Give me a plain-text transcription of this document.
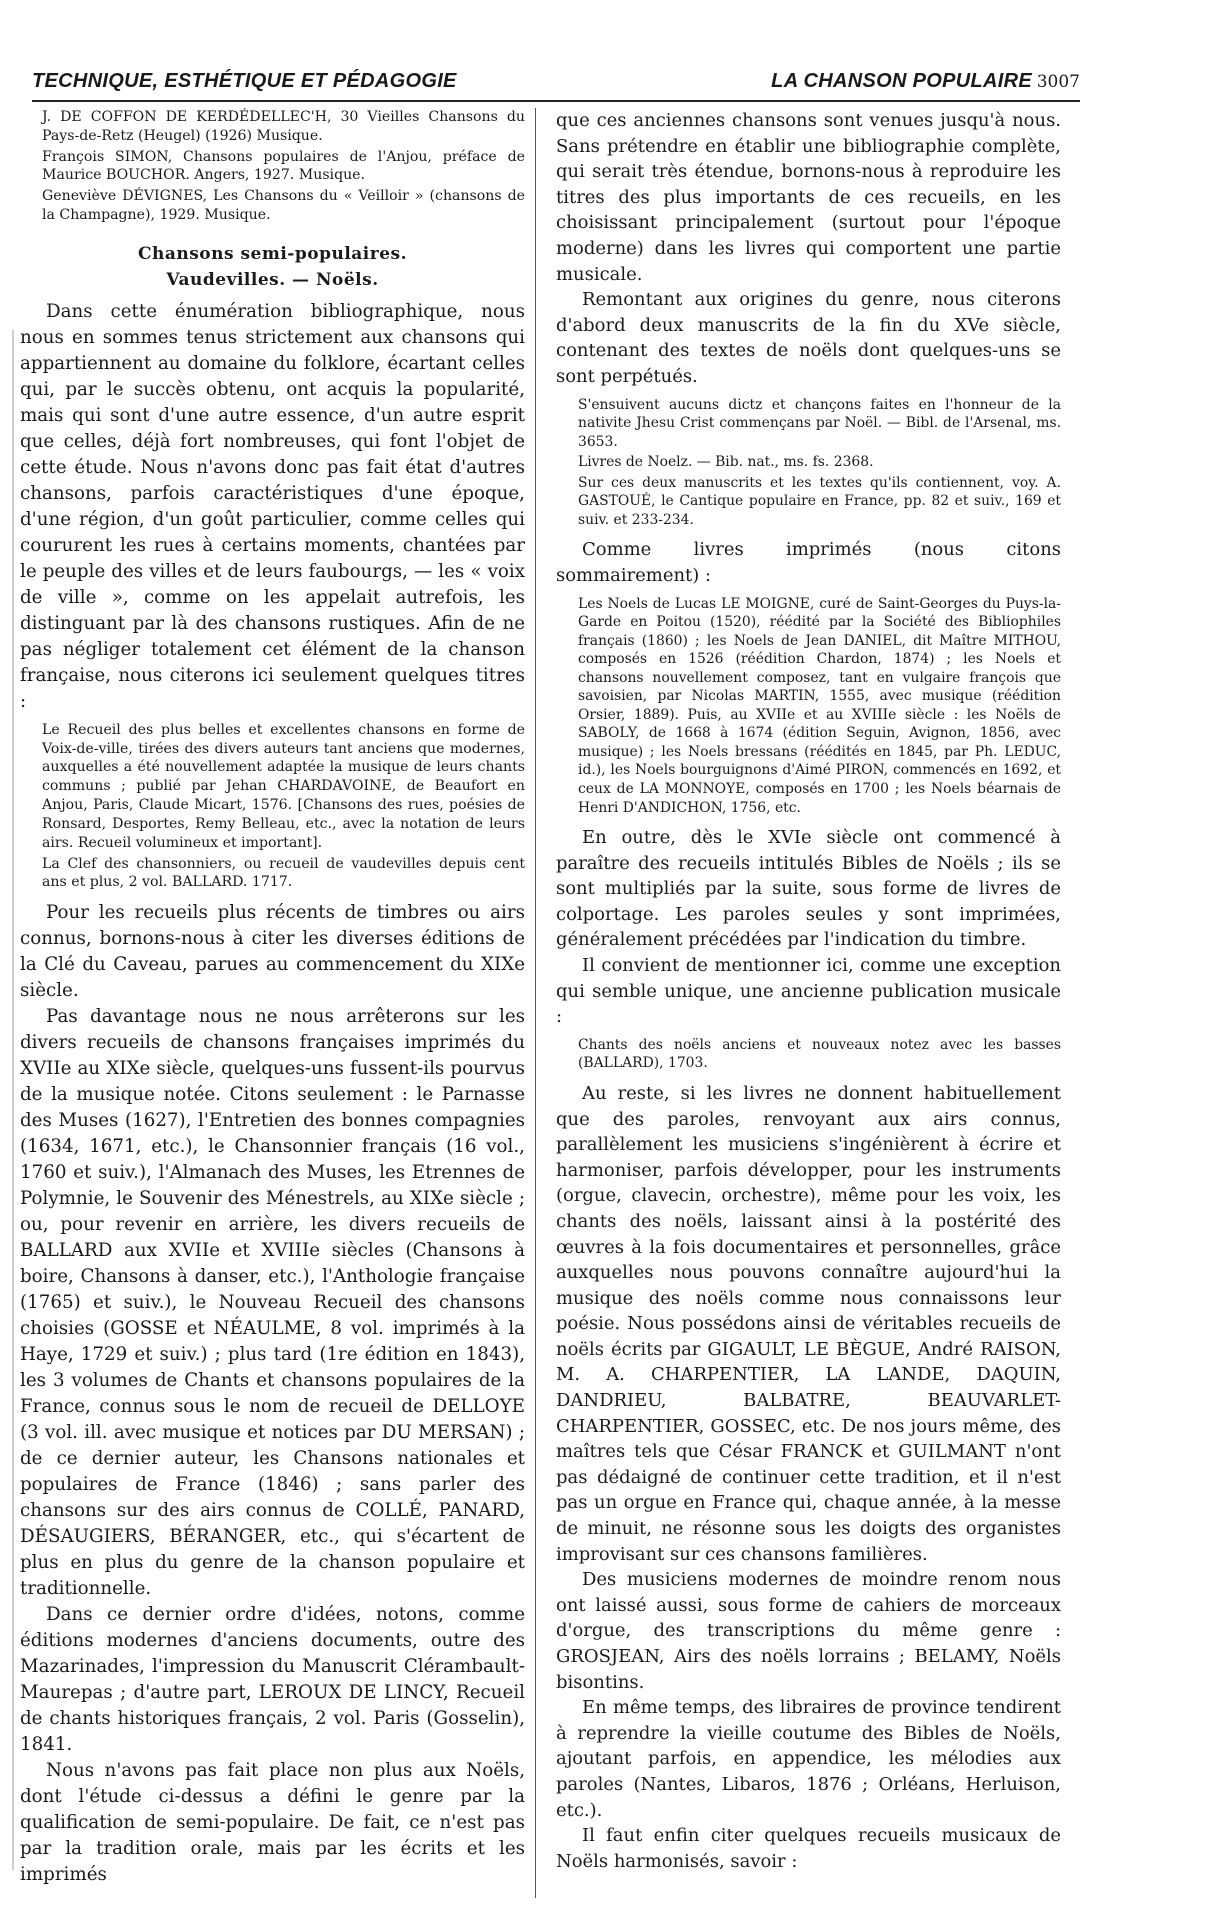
TECHNIQUE, ESTHÉTIQUE ET PÉDAGOGIE	LA CHANSON POPULAIRE 3007

J. DE COFFON DE KERDÉDELLEC'H, 30 Vieilles Chansons du Pays-de-Retz (Heugel) (1926) Musique.

François SIMON, Chansons populaires de l'Anjou, préface de Maurice BOUCHOR. Angers, 1927. Musique.

Geneviève DÉVIGNES, Les Chansons du « Veilloir » (chansons de la Champagne), 1929. Musique.

Chansons semi-populaires.

Vaudevilles. — Noëls.

Dans cette énumération bibliographique, nous nous en sommes tenus strictement aux chansons qui appartiennent au domaine du folklore, écartant celles qui, par le succès obtenu, ont acquis la popularité, mais qui sont d'une autre essence, d'un autre esprit que celles, déjà fort nombreuses, qui font l'objet de cette étude. Nous n'avons donc pas fait état d'autres chansons, parfois caractéristiques d'une époque, d'une région, d'un goût particulier, comme celles qui coururent les rues à certains moments, chantées par le peuple des villes et de leurs faubourgs, — les « voix de ville », comme on les appelait autrefois, les distinguant par là des chansons rustiques. Afin de ne pas négliger totalement cet élément de la chanson française, nous citerons ici seulement quelques titres :

Le Recueil des plus belles et excellentes chansons en forme de Voix-de-ville, tirées des divers auteurs tant anciens que modernes, auxquelles a été nouvellement adaptée la musique de leurs chants communs ; publié par Jehan CHARDAVOINE, de Beaufort en Anjou, Paris, Claude Micart, 1576. [Chansons des rues, poésies de Ronsard, Desportes, Remy Belleau, etc., avec la notation de leurs airs. Recueil volumineux et important].

La Clef des chansonniers, ou recueil de vaudevilles depuis cent ans et plus, 2 vol. BALLARD. 1717.

Pour les recueils plus récents de timbres ou airs connus, bornons-nous à citer les diverses éditions de la Clé du Caveau, parues au commencement du XIXe siècle.

Pas davantage nous ne nous arrêterons sur les divers recueils de chansons françaises imprimés du XVIIe au XIXe siècle, quelques-uns fussent-ils pourvus de la musique notée. Citons seulement : le Parnasse des Muses (1627), l'Entretien des bonnes compagnies (1634, 1671, etc.), le Chansonnier français (16 vol., 1760 et suiv.), l'Almanach des Muses, les Etrennes de Polymnie, le Souvenir des Ménestrels, au XIXe siècle ; ou, pour revenir en arrière, les divers recueils de BALLARD aux XVIIe et XVIIIe siècles (Chansons à boire, Chansons à danser, etc.), l'Anthologie française (1765) et suiv.), le Nouveau Recueil des chansons choisies (GOSSE et NÉAULME, 8 vol. imprimés à la Haye, 1729 et suiv.) ; plus tard (1re édition en 1843), les 3 volumes de Chants et chansons populaires de la France, connus sous le nom de recueil de DELLOYE (3 vol. ill. avec musique et notices par DU MERSAN) ; de ce dernier auteur, les Chansons nationales et populaires de France (1846) ; sans parler des chansons sur des airs connus de COLLÉ, PANARD, DÉSAUGIERS, BÉRANGER, etc., qui s'écartent de plus en plus du genre de la chanson populaire et traditionnelle.

Dans ce dernier ordre d'idées, notons, comme éditions modernes d'anciens documents, outre des Mazarinades, l'impression du Manuscrit Clérambault-Maurepas ; d'autre part, LEROUX DE LINCY, Recueil de chants historiques français, 2 vol. Paris (Gosselin), 1841.

Nous n'avons pas fait place non plus aux Noëls, dont l'étude ci-dessus a défini le genre par la qualification de semi-populaire. De fait, ce n'est pas par la tradition orale, mais par les écrits et les imprimés

que ces anciennes chansons sont venues jusqu'à nous. Sans prétendre en établir une bibliographie complète, qui serait très étendue, bornons-nous à reproduire les titres des plus importants de ces recueils, en les choisissant principalement (surtout pour l'époque moderne) dans les livres qui comportent une partie musicale.

Remontant aux origines du genre, nous citerons d'abord deux manuscrits de la fin du XVe siècle, contenant des textes de noëls dont quelques-uns se sont perpétués.

S'ensuivent aucuns dictz et chançons faites en l'honneur de la nativite Jhesu Crist commençans par Noël. — Bibl. de l'Arsenal, ms. 3653.

Livres de Noelz. — Bib. nat., ms. fs. 2368.

Sur ces deux manuscrits et les textes qu'ils contiennent, voy. A. GASTOUÉ, le Cantique populaire en France, pp. 82 et suiv., 169 et suiv. et 233-234.

Comme livres imprimés (nous citons sommairement) :

Les Noels de Lucas LE MOIGNE, curé de Saint-Georges du Puys-la-Garde en Poitou (1520), réédité par la Société des Bibliophiles français (1860) ; les Noels de Jean DANIEL, dit Maître MITHOU, composés en 1526 (réédition Chardon, 1874) ; les Noels et chansons nouvellement composez, tant en vulgaire françois que savoisien, par Nicolas MARTIN, 1555, avec musique (réédition Orsier, 1889). Puis, au XVIIe et au XVIIIe siècle : les Noëls de SABOLY, de 1668 à 1674 (édition Seguin, Avignon, 1856, avec musique) ; les Noels bressans (réédités en 1845, par Ph. LEDUC, id.), les Noels bourguignons d'Aimé PIRON, commencés en 1692, et ceux de LA MONNOYE, composés en 1700 ; les Noels béarnais de Henri D'ANDICHON, 1756, etc.

En outre, dès le XVIe siècle ont commencé à paraître des recueils intitulés Bibles de Noëls ; ils se sont multipliés par la suite, sous forme de livres de colportage. Les paroles seules y sont imprimées, généralement précédées par l'indication du timbre.

Il convient de mentionner ici, comme une exception qui semble unique, une ancienne publication musicale :

Chants des noëls anciens et nouveaux notez avec les basses (BALLARD), 1703.

Au reste, si les livres ne donnent habituellement que des paroles, renvoyant aux airs connus, parallèlement les musiciens s'ingénièrent à écrire et harmoniser, parfois développer, pour les instruments (orgue, clavecin, orchestre), même pour les voix, les chants des noëls, laissant ainsi à la postérité des œuvres à la fois documentaires et personnelles, grâce auxquelles nous pouvons connaître aujourd'hui la musique des noëls comme nous connaissons leur poésie. Nous possédons ainsi de véritables recueils de noëls écrits par GIGAULT, LE BÈGUE, André RAISON, M. A. CHARPENTIER, LA LANDE, DAQUIN, DANDRIEU, BALBATRE, BEAUVARLET-CHARPENTIER, GOSSEC, etc. De nos jours même, des maîtres tels que César FRANCK et GUILMANT n'ont pas dédaigné de continuer cette tradition, et il n'est pas un orgue en France qui, chaque année, à la messe de minuit, ne résonne sous les doigts des organistes improvisant sur ces chansons familières.

Des musiciens modernes de moindre renom nous ont laissé aussi, sous forme de cahiers de morceaux d'orgue, des transcriptions du même genre : GROSJEAN, Airs des noëls lorrains ; BELAMY, Noëls bisontins.

En même temps, des libraires de province tendirent à reprendre la vieille coutume des Bibles de Noëls, ajoutant parfois, en appendice, les mélodies aux paroles (Nantes, Libaros, 1876 ; Orléans, Herluison, etc.).

Il faut enfin citer quelques recueils musicaux de Noëls harmonisés, savoir :
